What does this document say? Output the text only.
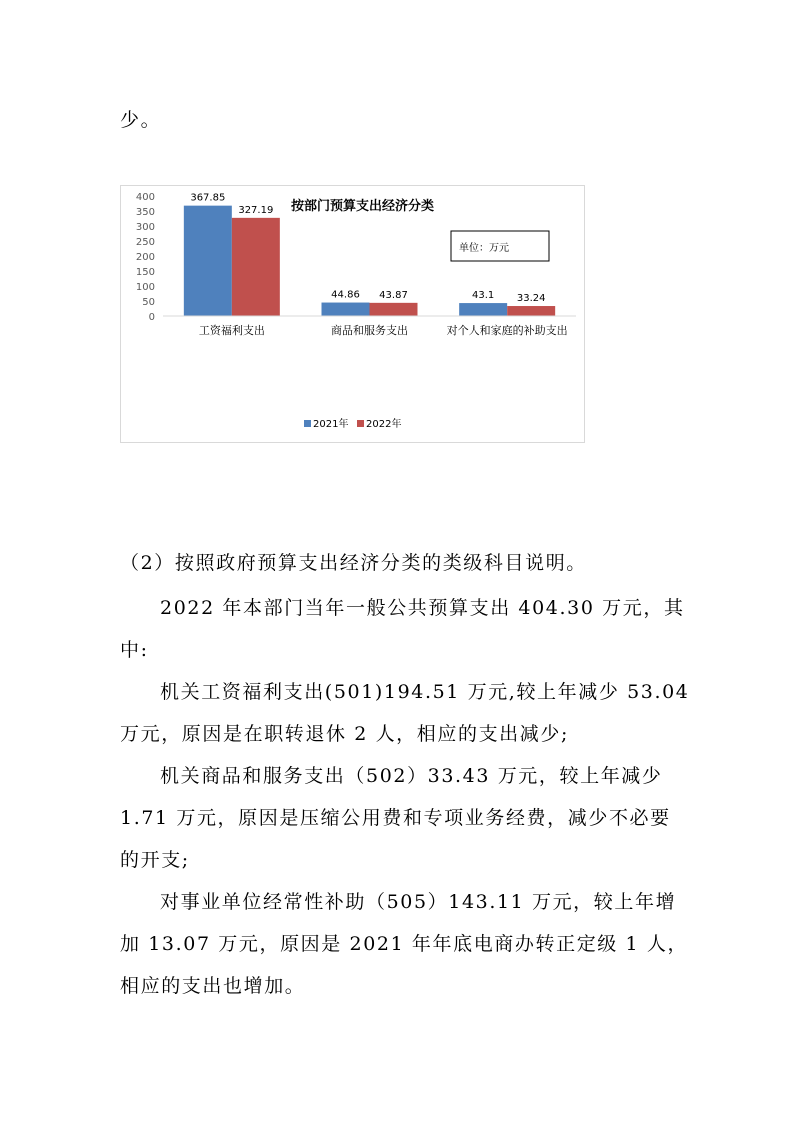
少。
0
50
100
150
200
250
300
350
400	367.85
327.19
44.86 43.87	43.1 33.24
工资福利支出	商品和服务支出	对个人和家庭的补助支出
按部门预算支出经济分类
单位：万元
2021年 2022年
（2）按照政府预算支出经济分类的类级科目说明。
2022 年本部门当年一般公共预算支出 404.30 万元，其
中:
机关工资福利支出(501)194.51 万元,较上年减少 53.04
万元，原因是在职转退休 2 人，相应的支出减少;
机关商品和服务支出（502）33.43 万元，较上年减少
1.71 万元，原因是压缩公用费和专项业务经费，减少不必要
的开支;
对事业单位经常性补助（505）143.11 万元，较上年增
加 13.07 万元，原因是 2021 年年底电商办转正定级 1 人，
相应的支出也增加。
